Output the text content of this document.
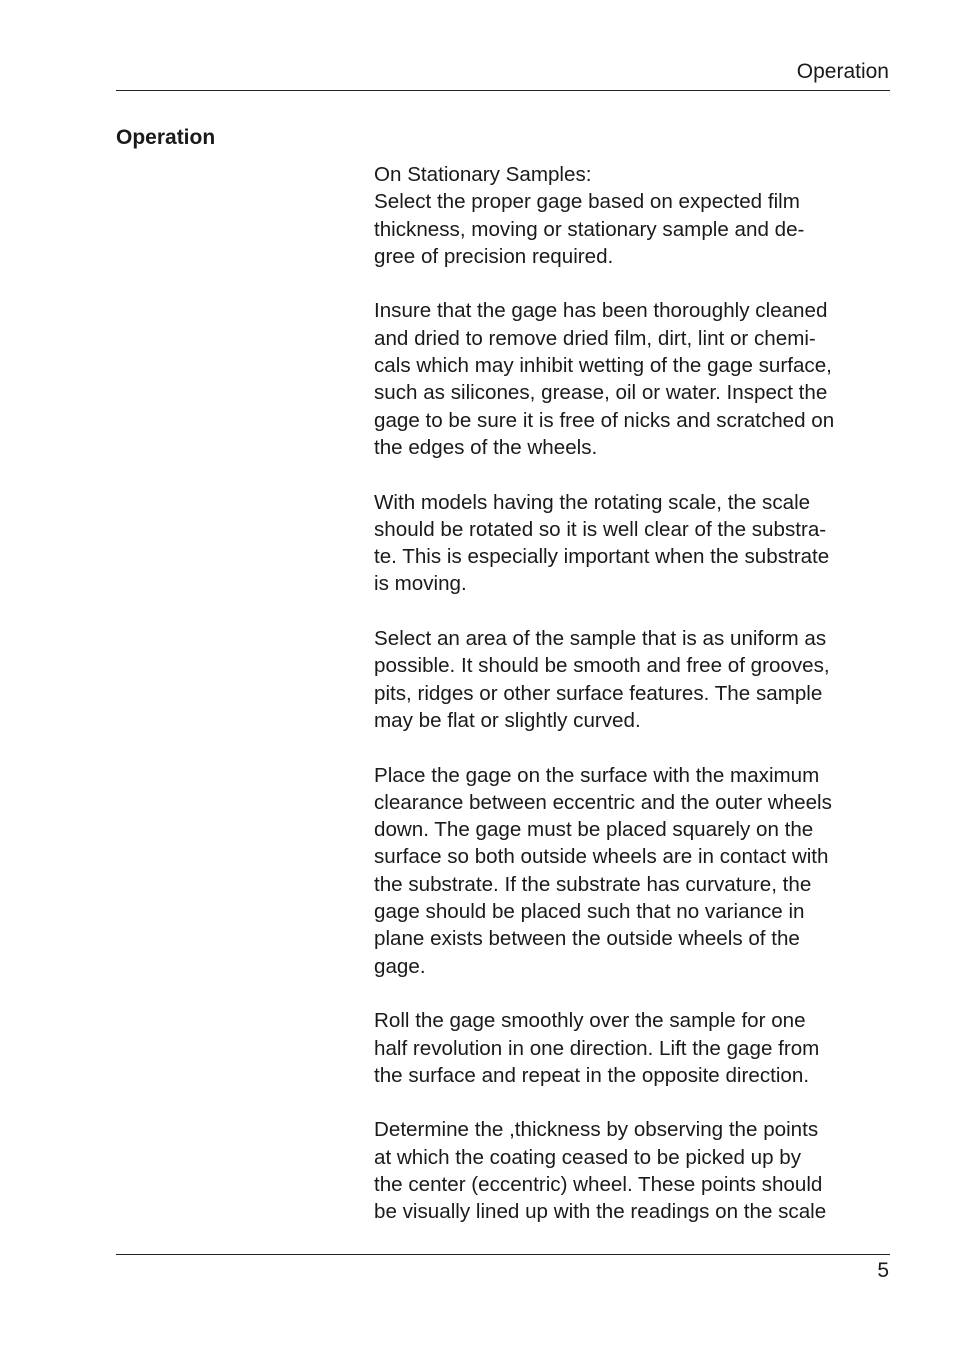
Operation
Operation

On Stationary Samples:
Select the proper gage based on expected film
thickness, moving or stationary sample and de-
gree of precision required.

Insure that the gage has been thoroughly cleaned
and dried to remove dried film, dirt, lint or chemi-
cals which may inhibit wetting of the gage surface,
such as silicones, grease, oil or water. Inspect the
gage to be sure it is free of nicks and scratched on
the edges of the wheels.

With models having the rotating scale, the scale
should be rotated so it is well clear of the substra-
te. This is especially important when the substrate
is moving.

Select an area of the sample that is as uniform as
possible. It should be smooth and free of grooves,
pits, ridges or other surface features. The sample
may be flat or slightly curved.

Place the gage on the surface with the maximum
clearance between eccentric and the outer wheels
down. The gage must be placed squarely on the
surface so both outside wheels are in contact with
the substrate. If the substrate has curvature, the
gage should be placed such that no variance in
plane exists between the outside wheels of the
gage.

Roll the gage smoothly over the sample for one
half revolution in one direction. Lift the gage from
the surface and repeat in the opposite direction.

Determine the ,thickness by observing the points
at which the coating ceased to be picked up by
the center (eccentric) wheel. These points should
be visually lined up with the readings on the scale

5
